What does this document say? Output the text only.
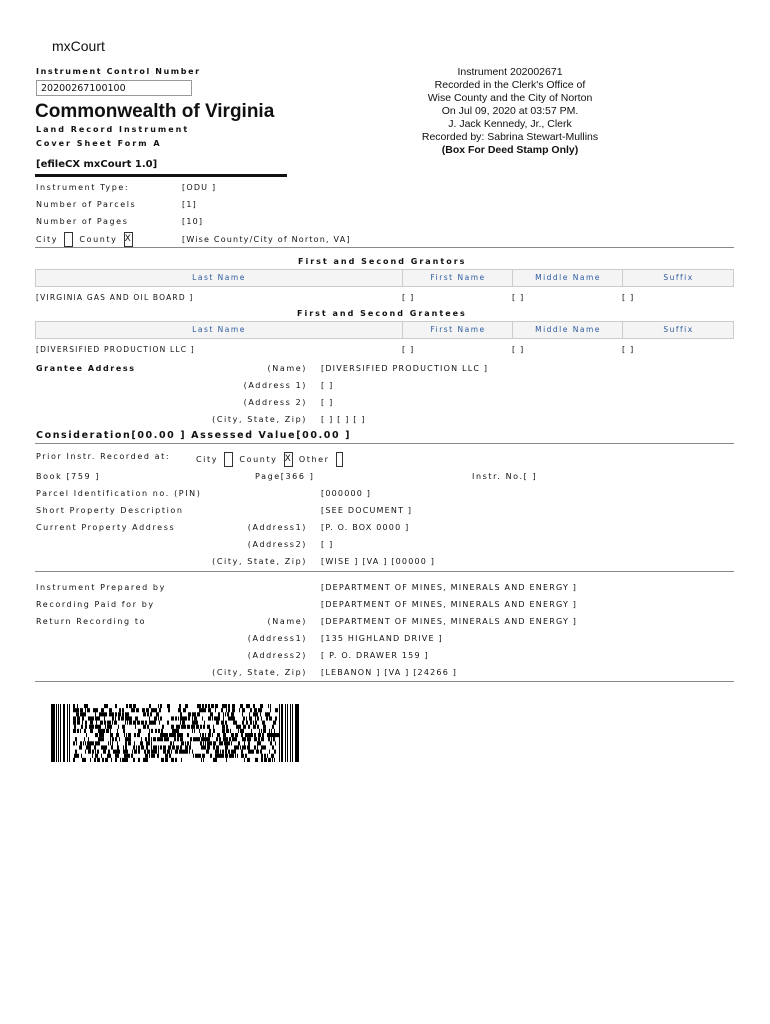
mxCourt
Instrument Control Number
20200267100100
Commonwealth of Virginia
Land Record Instrument
Cover Sheet Form A
[efileCX mxCourt 1.0]
Instrument 202002671
Recorded in the Clerk's Office of
Wise County and the City of Norton
On Jul 09, 2020 at 03:57 PM.
J. Jack Kennedy, Jr., Clerk
Recorded by: Sabrina Stewart-Mullins
(Box For Deed Stamp Only)
Instrument Type:	[ODU ]
Number of Parcels	[1]
Number of Pages	[10]
City	County X	[Wise County/City of Norton, VA]
First and Second Grantors
Last Name	First Name	Middle Name	Suffix
[VIRGINIA GAS AND OIL BOARD ]	[ ]	[ ]	[ ]
First and Second Grantees
Last Name	First Name	Middle Name	Suffix
[DIVERSIFIED PRODUCTION LLC ]	[ ]	[ ]	[ ]
Grantee Address	(Name) [DIVERSIFIED PRODUCTION LLC ]
(Address 1) [ ]
(Address 2) [ ]
(City, State, Zip) [ ] [ ] [ ]
Consideration[00.00 ] Assessed Value[00.00 ]
Prior Instr. Recorded at:	City	County X Other
Book [759 ]	Page[366 ]	Instr. No.[ ]
Parcel Identification no. (PIN)	[000000 ]
Short Property Description	[SEE DOCUMENT ]
Current Property Address	(Address1) [P. O. BOX 0000 ]
(Address2) [ ]
(City, State, Zip) [WISE ] [VA ] [00000 ]
Instrument Prepared by	[DEPARTMENT OF MINES, MINERALS AND ENERGY ]
Recording Paid for by	[DEPARTMENT OF MINES, MINERALS AND ENERGY ]
Return Recording to	(Name) [DEPARTMENT OF MINES, MINERALS AND ENERGY ]
(Address1) [135 HIGHLAND DRIVE ]
(Address2) [ P. O. DRAWER 159 ]
(City, State, Zip) [LEBANON ] [VA ] [24266 ]
